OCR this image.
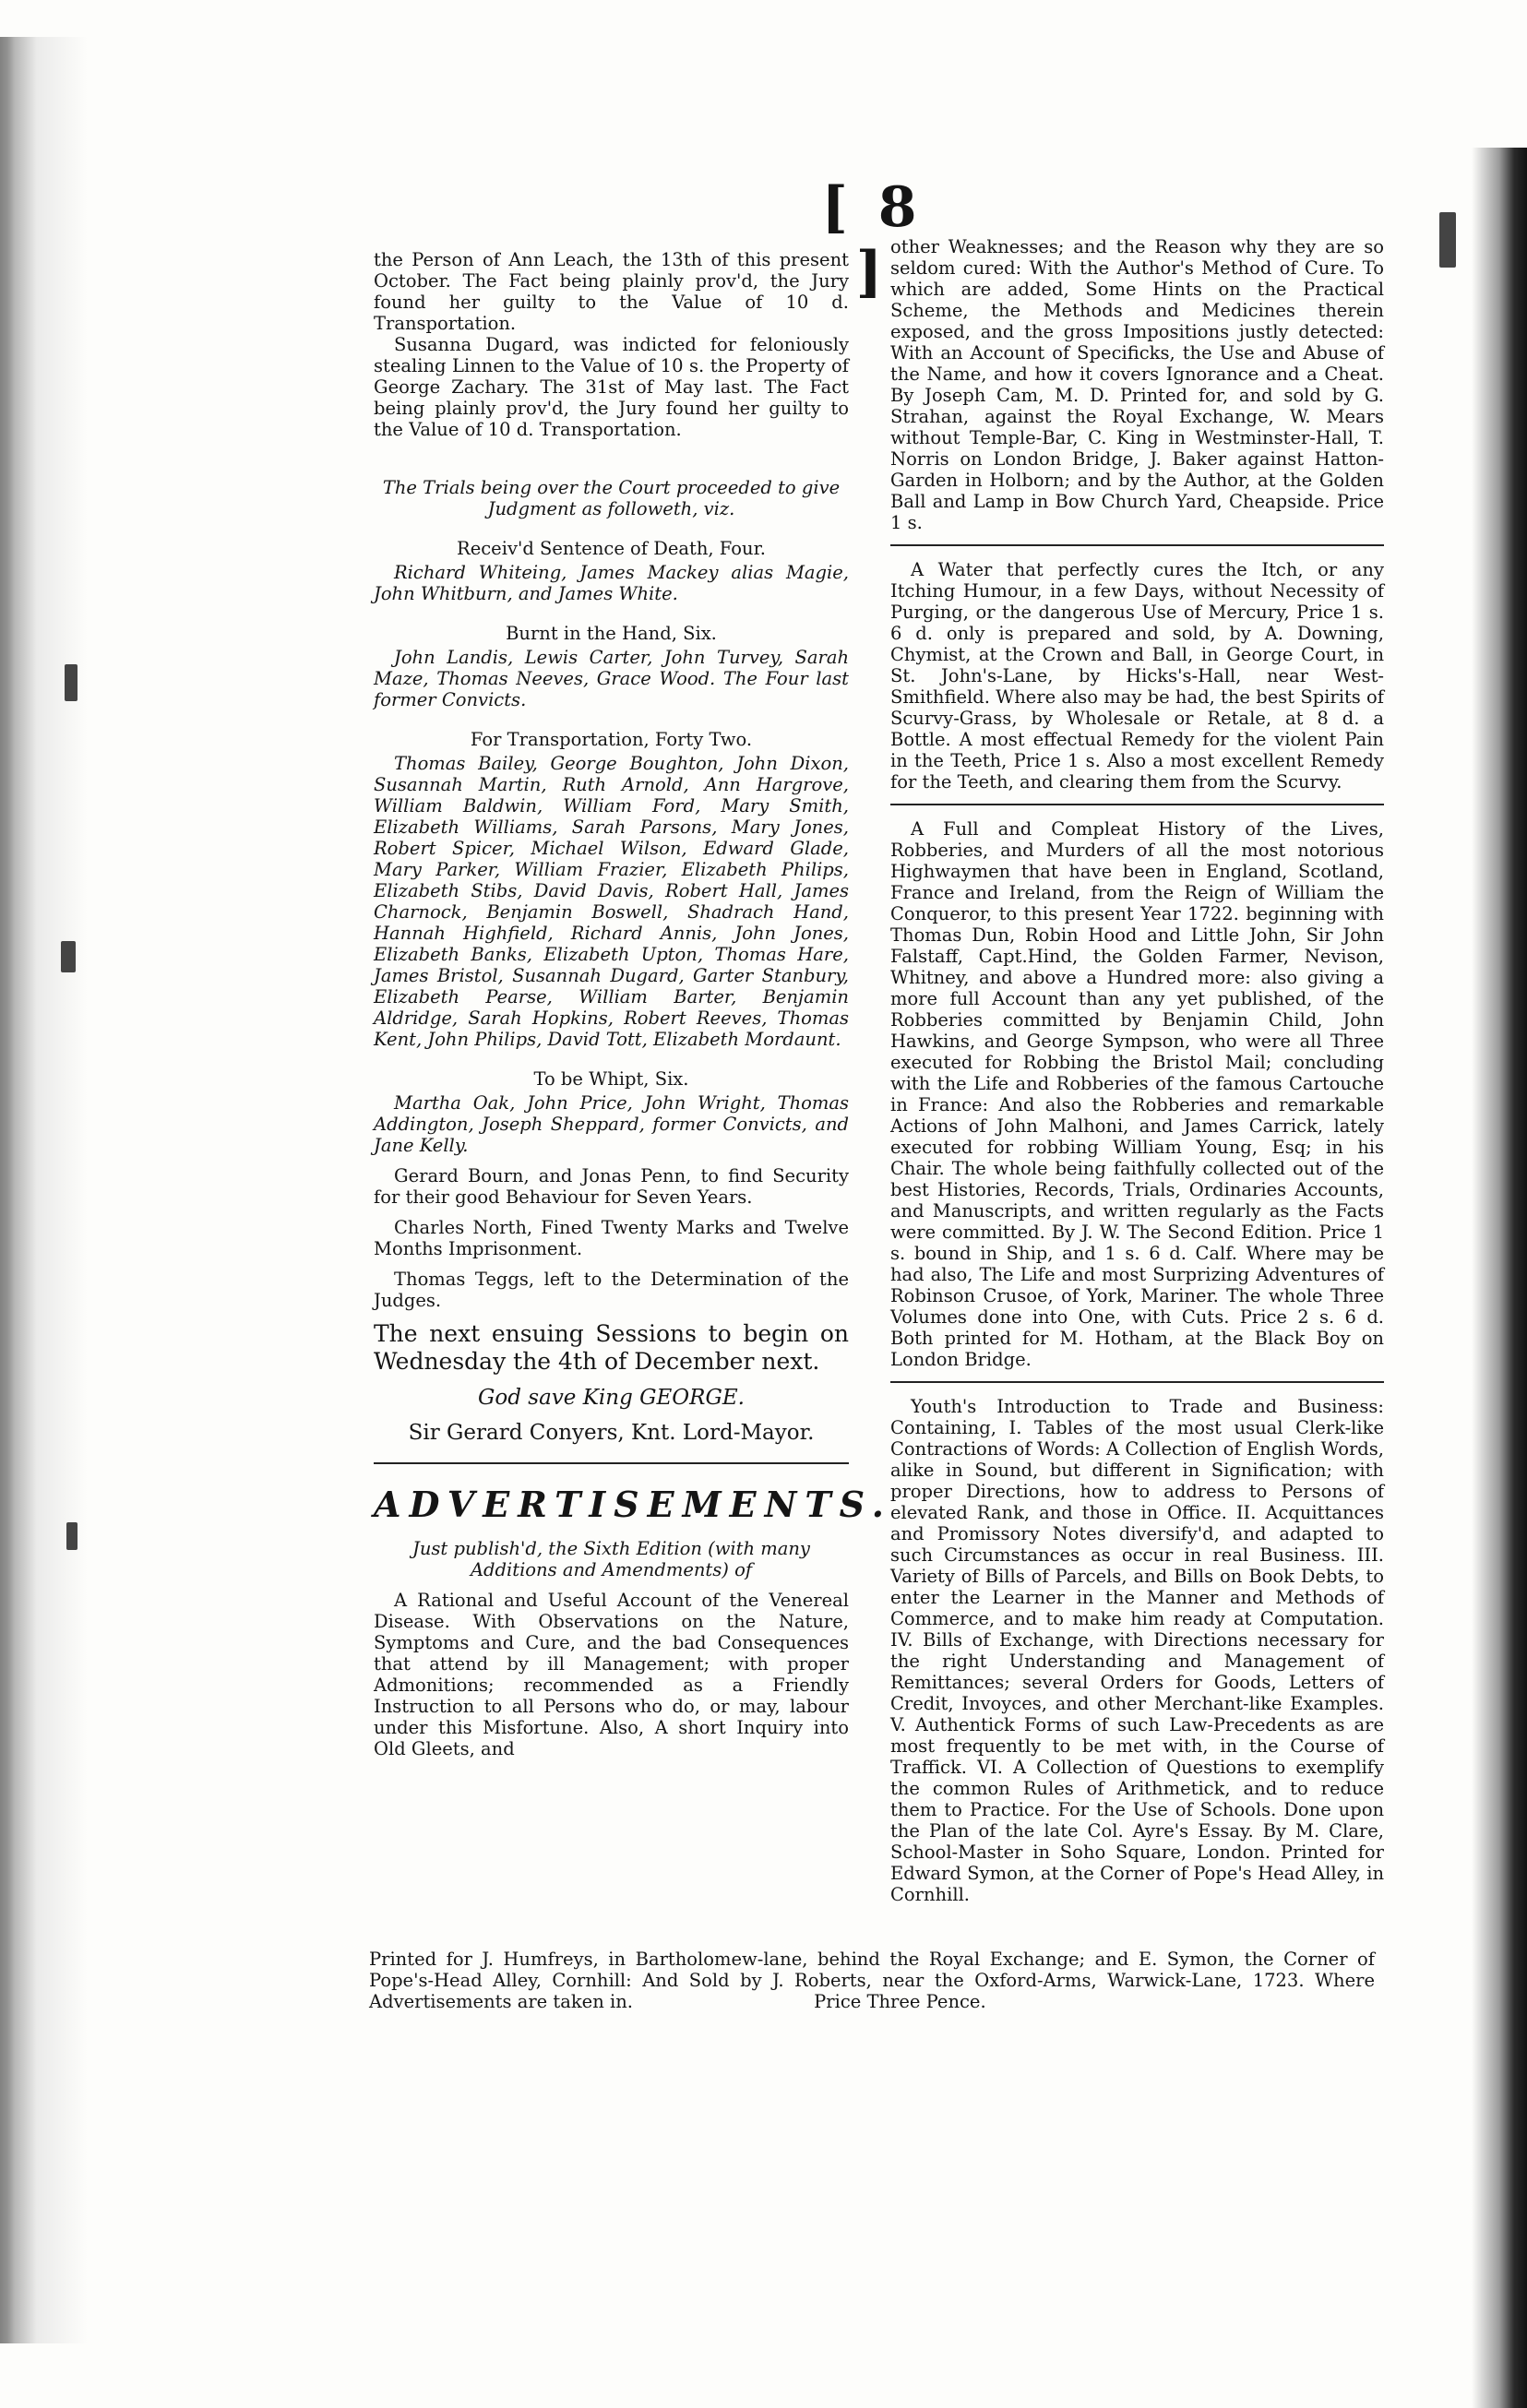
[ 8 ]

the Person of Ann Leach, the 13th of this present October. The Fact being plainly prov'd, the Jury found her guilty to the Value of 10 d. Transportation.

Susanna Dugard, was indicted for feloniously stealing Linnen to the Value of 10 s. the Property of George Zachary. The 31st of May last. The Fact being plainly prov'd, the Jury found her guilty to the Value of 10 d. Transportation.

The Trials being over the Court proceeded to give Judgment as followeth, viz.

Receiv'd Sentence of Death, Four.

Richard Whiteing, James Mackey alias Magie, John Whitburn, and James White.

Burnt in the Hand, Six.

John Landis, Lewis Carter, John Turvey, Sarah Maze, Thomas Neeves, Grace Wood. The Four last former Convicts.

For Transportation, Forty Two.

Thomas Bailey, George Boughton, John Dixon, Susannah Martin, Ruth Arnold, Ann Hargrove, William Baldwin, William Ford, Mary Smith, Elizabeth Williams, Sarah Parsons, Mary Jones, Robert Spicer, Michael Wilson, Edward Glade, Mary Parker, William Frazier, Elizabeth Philips, Elizabeth Stibs, David Davis, Robert Hall, James Charnock, Benjamin Boswell, Shadrach Hand, Hannah Highfield, Richard Annis, John Jones, Elizabeth Banks, Elizabeth Upton, Thomas Hare, James Bristol, Susannah Dugard, Garter Stanbury, Elizabeth Pearse, William Barter, Benjamin Aldridge, Sarah Hopkins, Robert Reeves, Thomas Kent, John Philips, David Tott, Elizabeth Mordaunt.

To be Whipt, Six.

Martha Oak, John Price, John Wright, Thomas Addington, Joseph Sheppard, former Convicts, and Jane Kelly.

Gerard Bourn, and Jonas Penn, to find Security for their good Behaviour for Seven Years.

Charles North, Fined Twenty Marks and Twelve Months Imprisonment.

Thomas Teggs, left to the Determination of the Judges.

The next ensuing Sessions to begin on Wednesday the 4th of December next.

God save King GEORGE.

Sir Gerard Conyers, Knt. Lord-Mayor.

ADVERTISEMENTS.

Just publish'd, the Sixth Edition (with many Additions and Amendments) of

A Rational and Useful Account of the Venereal Disease. With Observations on the Nature, Symptoms and Cure, and the bad Consequences that attend by ill Management; with proper Admonitions; recommended as a Friendly Instruction to all Persons who do, or may, labour under this Misfortune. Also, A short Inquiry into Old Gleets, and

other Weaknesses; and the Reason why they are so seldom cured: With the Author's Method of Cure. To which are added, Some Hints on the Practical Scheme, the Methods and Medicines therein exposed, and the gross Impositions justly detected: With an Account of Specificks, the Use and Abuse of the Name, and how it covers Ignorance and a Cheat. By Joseph Cam, M. D. Printed for, and sold by G. Strahan, against the Royal Exchange, W. Mears without Temple-Bar, C. King in Westminster-Hall, T. Norris on London Bridge, J. Baker against Hatton-Garden in Holborn; and by the Author, at the Golden Ball and Lamp in Bow Church Yard, Cheapside. Price 1 s.

A Water that perfectly cures the Itch, or any Itching Humour, in a few Days, without Necessity of Purging, or the dangerous Use of Mercury, Price 1 s. 6 d. only is prepared and sold, by A. Downing, Chymist, at the Crown and Ball, in George Court, in St. John's-Lane, by Hicks's-Hall, near West-Smithfield. Where also may be had, the best Spirits of Scurvy-Grass, by Wholesale or Retale, at 8 d. a Bottle. A most effectual Remedy for the violent Pain in the Teeth, Price 1 s. Also a most excellent Remedy for the Teeth, and clearing them from the Scurvy.

A Full and Compleat History of the Lives, Robberies, and Murders of all the most notorious Highwaymen that have been in England, Scotland, France and Ireland, from the Reign of William the Conqueror, to this present Year 1722. beginning with Thomas Dun, Robin Hood and Little John, Sir John Falstaff, Capt.Hind, the Golden Farmer, Nevison, Whitney, and above a Hundred more: also giving a more full Account than any yet published, of the Robberies committed by Benjamin Child, John Hawkins, and George Sympson, who were all Three executed for Robbing the Bristol Mail; concluding with the Life and Robberies of the famous Cartouche in France: And also the Robberies and remarkable Actions of John Malhoni, and James Carrick, lately executed for robbing William Young, Esq; in his Chair. The whole being faithfully collected out of the best Histories, Records, Trials, Ordinaries Accounts, and Manuscripts, and written regularly as the Facts were committed. By J. W. The Second Edition. Price 1 s. bound in Ship, and 1 s. 6 d. Calf. Where may be had also, The Life and most Surprizing Adventures of Robinson Crusoe, of York, Mariner. The whole Three Volumes done into One, with Cuts. Price 2 s. 6 d. Both printed for M. Hotham, at the Black Boy on London Bridge.

Youth's Introduction to Trade and Business: Containing, I. Tables of the most usual Clerk-like Contractions of Words: A Collection of English Words, alike in Sound, but different in Signification; with proper Directions, how to address to Persons of elevated Rank, and those in Office. II. Acquittances and Promissory Notes diversify'd, and adapted to such Circumstances as occur in real Business. III. Variety of Bills of Parcels, and Bills on Book Debts, to enter the Learner in the Manner and Methods of Commerce, and to make him ready at Computation. IV. Bills of Exchange, with Directions necessary for the right Understanding and Management of Remittances; several Orders for Goods, Letters of Credit, Invoyces, and other Merchant-like Examples. V. Authentick Forms of such Law-Precedents as are most frequently to be met with, in the Course of Traffick. VI. A Collection of Questions to exemplify the common Rules of Arithmetick, and to reduce them to Practice. For the Use of Schools. Done upon the Plan of the late Col. Ayre's Essay. By M. Clare, School-Master in Soho Square, London. Printed for Edward Symon, at the Corner of Pope's Head Alley, in Cornhill.

Printed for J. Humfreys, in Bartholomew-lane, behind the Royal Exchange; and E. Symon, the Corner of Pope's-Head Alley, Cornhill: And Sold by J. Roberts, near the Oxford-Arms, Warwick-Lane, 1723. Where Advertisements are taken in.	Price Three Pence.
